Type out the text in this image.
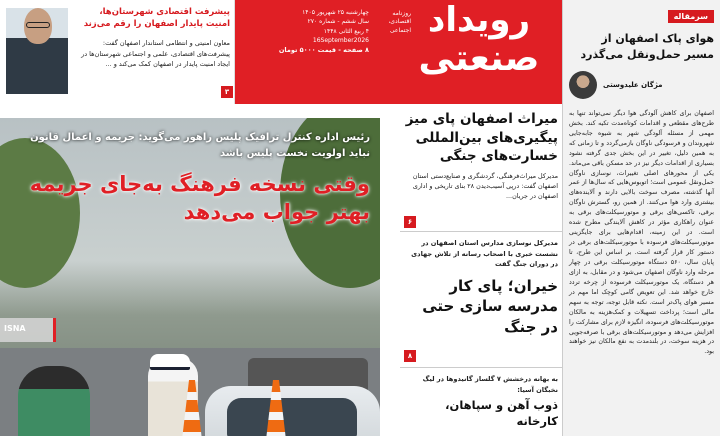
سرمقاله
هوای پاک اصفهان از مسیر حمل‌ونقل می‌گذرد
مژگان علیدوستی

اصفهان برای کاهش آلودگی هوا دیگر نمی‌تواند تنها به طرح‌های مقطعی و اقدامات کوتاه‌مدت تکیه کند. بخش مهمی از مسئله آلودگی شهر به شیوه جابه‌جایی شهروندان و فرسودگی ناوگان بازمی‌گردد و تا زمانی که به همین دلیل، تغییر در این بخش جدی گرفته نشود بسیاری از اقدامات دیگر نیز در حد مسکن باقی می‌ماند. یکی از محورهای اصلی تغییرات، نوسازی ناوگان حمل‌ونقل عمومی است؛ اتوبوس‌هایی که سال‌ها از عمر آنها گذشته، مصرف سوخت بالایی دارند و آلاینده‌های بیشتری وارد هوا می‌کنند. از همین رو، گسترش ناوگان برقی، تاکسی‌های برقی و موتورسیکلت‌های برقی به عنوان راهکاری مؤثر در کاهش آلایندگی مطرح شده است. در این زمینه، اقدام‌هایی برای جایگزینی موتورسیکلت‌های فرسوده با موتورسیکلت‌های برقی در دستور کار قرار گرفته است. بر اساس این طرح، تا پایان سال، ۵۶۰ دستگاه موتورسیکلت برقی در چهار مرحله وارد ناوگان اصفهان می‌شود و در مقابل، به ازای هر دستگاه، یک موتورسیکلت فرسوده از چرخه تردد خارج خواهد شد. این تعویض گامی کوچک اما مهم در مسیر هوای پاک‌تر است. نکته قابل توجه، توجه به سهم مالی است؛ پرداخت تسهیلات و کمک‌هزینه به مالکان موتورسیکلت‌های فرسوده، انگیزه لازم برای مشارکت را افزایش می‌دهد و موتورسیکلت‌های برقی با صرفه‌جویی در هزینه سوخت، در بلندمدت به نفع مالکان نیز خواهند بود.

رویداد
صنعتی
روزنامه اقتصادی، اجتماعی
چهارشنبه ۲۵ شهریور ۱۴۰۵
سال ششم - شماره ۲۷۰
۴ ربیع الثانی ۱۴۴۸
16September2026
۸ صفحه - قیمت ۵۰۰۰ تومان
پیشرفت اقتصادی شهرستان‌ها، امنیت پایدار اصفهان را رقم می‌زند

معاون امنیتی و انتظامی استاندار اصفهان گفت: پیشرفت‌های اقتصادی، علمی و اجتماعی شهرستان‌ها در ایجاد امنیت پایدار در اصفهان کمک می‌کند و ...

۳

رئیس اداره کنترل ترافیک پلیس راهور می‌گوید: جریمه و اعمال قانون نباید اولویت نخست پلیس باشد

وقتی نسخه فرهنگ به‌جای جریمه
بهتر جواب می‌دهد
ISNA
میراث اصفهان پای میز پیگیری‌های بین‌المللی خسارت‌های جنگی

مدیرکل میراث‌فرهنگی، گردشگری و صنایع‌دستی استان اصفهان گفت: درپی آسیب‌دیدن ۲۸ بنای تاریخی و اداری اصفهان در جریان...

۶

مدیرکل نوسازی مدارس استان اصفهان در نشست خبری با اصحاب رسانه از تلاش جهادی در دوران جنگ گفت

خیران؛ پای کار مدرسه سازی حتی در جنگ
۸

به بهانه درخشش ۷ گلساز گانیدوها در لیگ نخبگان آسیا:

ذوب آهن و سپاهان، کارخانه
